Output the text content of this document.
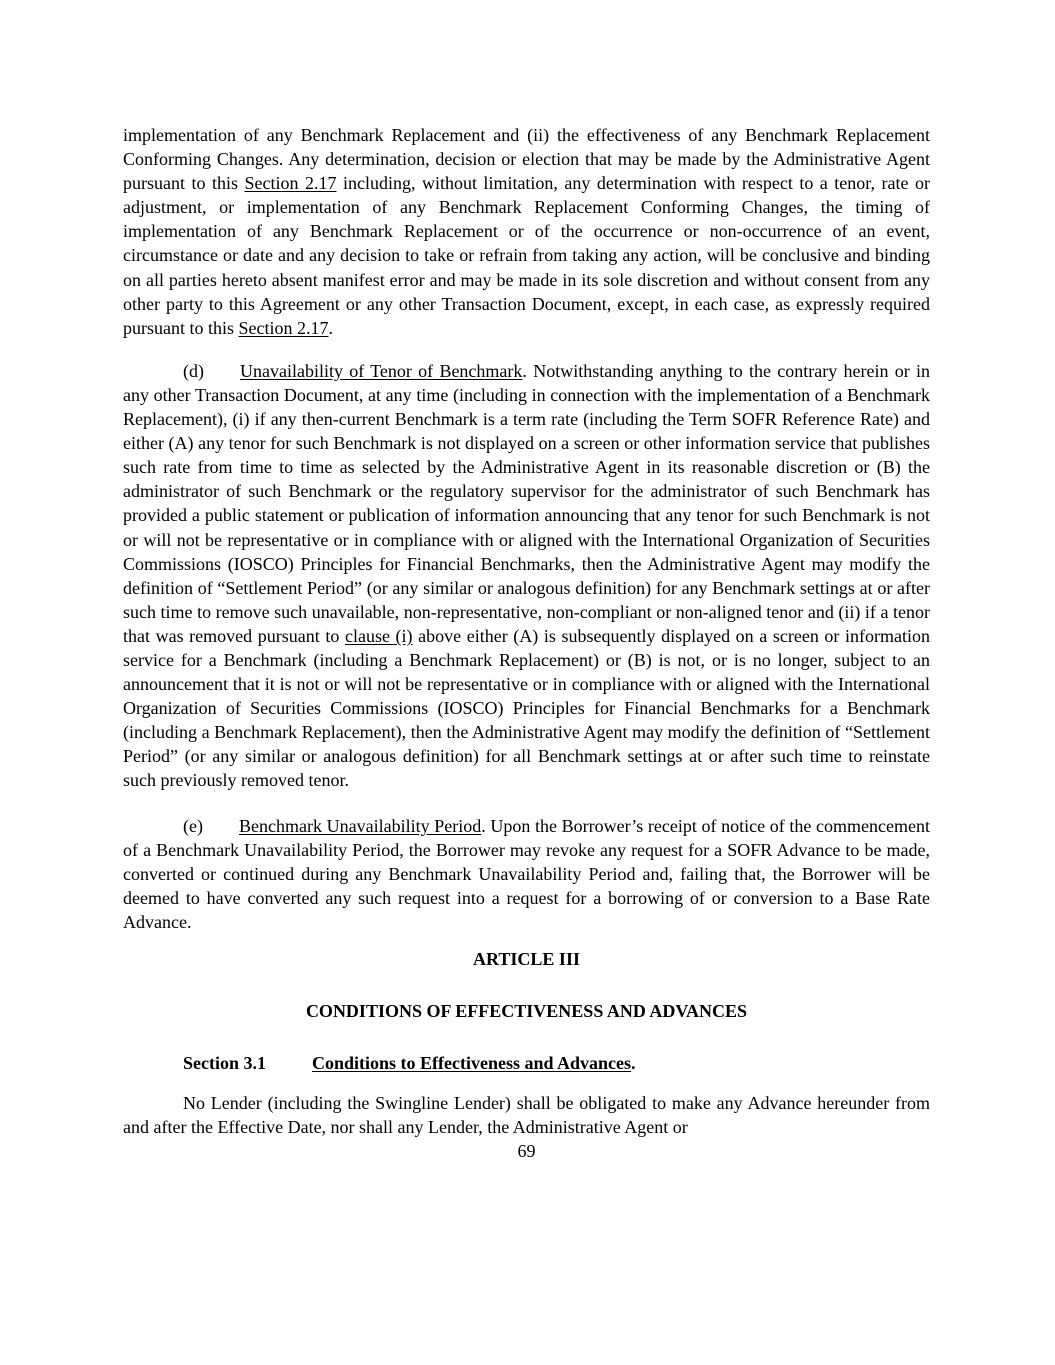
implementation of any Benchmark Replacement and (ii) the effectiveness of any Benchmark Replacement Conforming Changes. Any determination, decision or election that may be made by the Administrative Agent pursuant to this Section 2.17 including, without limitation, any determination with respect to a tenor, rate or adjustment, or implementation of any Benchmark Replacement Conforming Changes, the timing of implementation of any Benchmark Replacement or of the occurrence or non-occurrence of an event, circumstance or date and any decision to take or refrain from taking any action, will be conclusive and binding on all parties hereto absent manifest error and may be made in its sole discretion and without consent from any other party to this Agreement or any other Transaction Document, except, in each case, as expressly required pursuant to this Section 2.17.

(d) Unavailability of Tenor of Benchmark. Notwithstanding anything to the contrary herein or in any other Transaction Document, at any time (including in connection with the implementation of a Benchmark Replacement), (i) if any then-current Benchmark is a term rate (including the Term SOFR Reference Rate) and either (A) any tenor for such Benchmark is not displayed on a screen or other information service that publishes such rate from time to time as selected by the Administrative Agent in its reasonable discretion or (B) the administrator of such Benchmark or the regulatory supervisor for the administrator of such Benchmark has provided a public statement or publication of information announcing that any tenor for such Benchmark is not or will not be representative or in compliance with or aligned with the International Organization of Securities Commissions (IOSCO) Principles for Financial Benchmarks, then the Administrative Agent may modify the definition of “Settlement Period” (or any similar or analogous definition) for any Benchmark settings at or after such time to remove such unavailable, non-representative, non-compliant or non-aligned tenor and (ii) if a tenor that was removed pursuant to clause (i) above either (A) is subsequently displayed on a screen or information service for a Benchmark (including a Benchmark Replacement) or (B) is not, or is no longer, subject to an announcement that it is not or will not be representative or in compliance with or aligned with the International Organization of Securities Commissions (IOSCO) Principles for Financial Benchmarks for a Benchmark (including a Benchmark Replacement), then the Administrative Agent may modify the definition of “Settlement Period” (or any similar or analogous definition) for all Benchmark settings at or after such time to reinstate such previously removed tenor.

(e) Benchmark Unavailability Period. Upon the Borrower’s receipt of notice of the commencement of a Benchmark Unavailability Period, the Borrower may revoke any request for a SOFR Advance to be made, converted or continued during any Benchmark Unavailability Period and, failing that, the Borrower will be deemed to have converted any such request into a request for a borrowing of or conversion to a Base Rate Advance.

ARTICLE III
CONDITIONS OF EFFECTIVENESS AND ADVANCES

Section 3.1	Conditions to Effectiveness and Advances.

No Lender (including the Swingline Lender) shall be obligated to make any Advance hereunder from and after the Effective Date, nor shall any Lender, the Administrative Agent or

69
